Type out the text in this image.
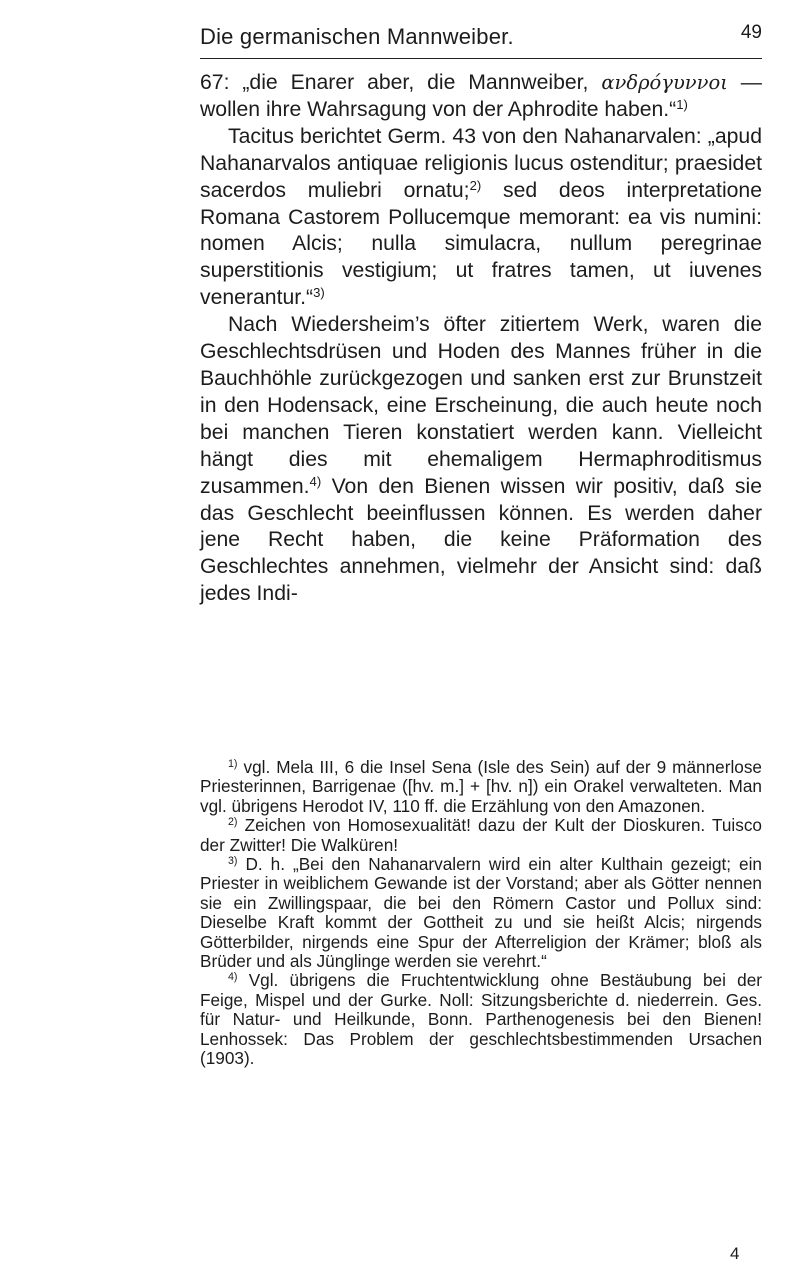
Die germanischen Mannweiber.	49

67: „die Enarer aber, die Mannweiber, ανδρόγυννοι — wollen ihre Wahrsagung von der Aphrodite haben.“$^{1)}$

Tacitus berichtet Germ. 43 von den Nahanarvalen: „apud Nahanarvalos antiquae religionis lucus ostenditur; praesidet sacerdos muliebri ornatu;$^{2)}$ sed deos interpretatione Romana Castorem Pollucemque memorant: ea vis numini: nomen Alcis; nulla simulacra, nullum peregrinae superstitionis vestigium; ut fratres tamen, ut iuvenes venerantur.“$^{3)}$

Nach Wiedersheim’s öfter zitiertem Werk, waren die Geschlechtsdrüsen und Hoden des Mannes früher in die Bauchhöhle zurückgezogen und sanken erst zur Brunstzeit in den Hodensack, eine Erscheinung, die auch heute noch bei manchen Tieren konstatiert werden kann. Vielleicht hängt dies mit ehemaligem Hermaphroditismus zusammen.$^{4)}$ Von den Bienen wissen wir positiv, daß sie das Geschlecht beeinflussen können. Es werden daher jene Recht haben, die keine Präformation des Geschlechtes annehmen, vielmehr der Ansicht sind: daß jedes Indi-

$^{1)}$ vgl. Mela III, 6 die Insel Sena (Isle des Sein) auf der 9 männerlose Priesterinnen, Barrigenae ([hv. m.] + [hv. n]) ein Orakel verwalteten. Man vgl. übrigens Herodot IV, 110 ff. die Erzählung von den Amazonen.

$^{2)}$ Zeichen von Homosexualität! dazu der Kult der Dioskuren. Tuisco der Zwitter! Die Walküren!

$^{3)}$ D. h. „Bei den Nahanarvalern wird ein alter Kulthain gezeigt; ein Priester in weiblichem Gewande ist der Vorstand; aber als Götter nennen sie ein Zwillingspaar, die bei den Römern Castor und Pollux sind: Dieselbe Kraft kommt der Gottheit zu und sie heißt Alcis; nirgends Götterbilder, nirgends eine Spur der Afterreligion der Krämer; bloß als Brüder und als Jünglinge werden sie verehrt.“

$^{4)}$ Vgl. übrigens die Fruchtentwicklung ohne Bestäubung bei der Feige, Mispel und der Gurke. Noll: Sitzungsberichte d. niederrein. Ges. für Natur- und Heilkunde, Bonn. Parthenogenesis bei den Bienen! Lenhossek: Das Problem der geschlechtsbestimmenden Ursachen (1903).

4
